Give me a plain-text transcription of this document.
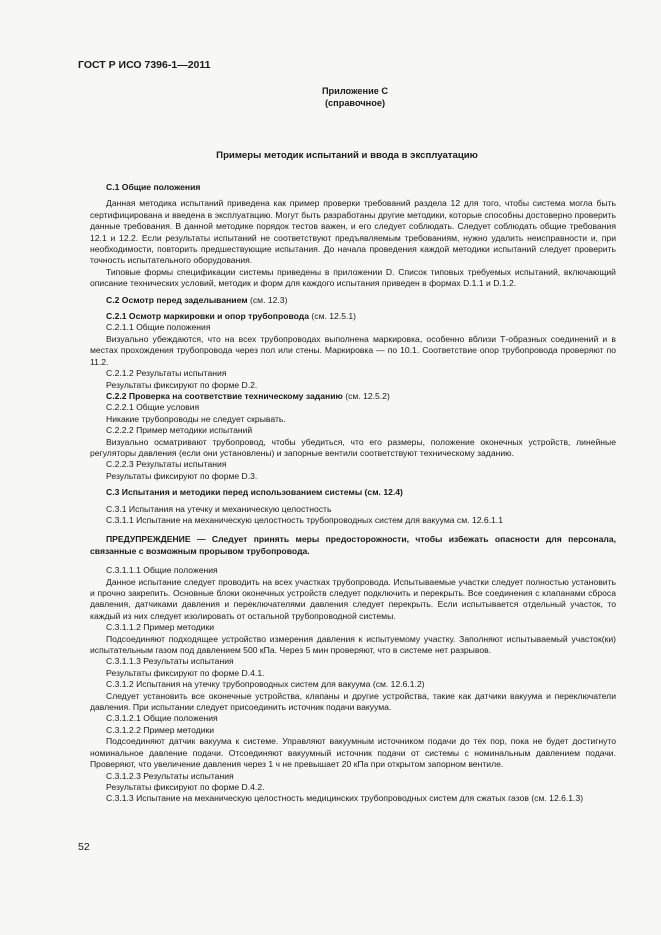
ГОСТ Р ИСО 7396-1—2011
Приложение С
(справочное)
Примеры методик испытаний и ввода в эксплуатацию

С.1 Общие положения

Данная методика испытаний приведена как пример проверки требований раздела 12 для того, чтобы система могла быть сертифицирована и введена в эксплуатацию. Могут быть разработаны другие методики, которые способны достоверно проверить данные требования. В данной методике порядок тестов важен, и его следует соблюдать. Следует соблюдать общие требования 12.1 и 12.2. Если результаты испытаний не соответствуют предъявляемым требованиям, нужно удалить неисправности и, при необходимости, повторить предшествующие испытания. До начала проведения каждой методики испытаний следует проверить точность испытательного оборудования.

Типовые формы спецификации системы приведены в приложении D. Список типовых требуемых испытаний, включающий описание технических условий, методик и форм для каждого испытания приведен в формах D.1.1 и D.1.2.

С.2 Осмотр перед заделыванием (см. 12.3)

С.2.1 Осмотр маркировки и опор трубопровода (см. 12.5.1)

С.2.1.1 Общие положения

Визуально убеждаются, что на всех трубопроводах выполнена маркировка, особенно вблизи Т-образных соединений и в местах прохождения трубопровода через пол или стены. Маркировка — по 10.1. Соответствие опор трубопровода проверяют по 11.2.

С.2.1.2 Результаты испытания

Результаты фиксируют по форме D.2.

С.2.2 Проверка на соответствие техническому заданию (см. 12.5.2)

С.2.2.1 Общие условия

Никакие трубопроводы не следует скрывать.

С.2.2.2 Пример методики испытаний

Визуально осматривают трубопровод, чтобы убедиться, что его размеры, положение оконечных устройств, линейные регуляторы давления (если они установлены) и запорные вентили соответствуют техническому заданию.

С.2.2.3 Результаты испытания

Результаты фиксируют по форме D.3.

С.3 Испытания и методики перед использованием системы (см. 12.4)

С.3.1 Испытания на утечку и механическую целостность

С.3.1.1 Испытание на механическую целостность трубопроводных систем для вакуума см. 12.6.1.1

ПРЕДУПРЕЖДЕНИЕ — Следует принять меры предосторожности, чтобы избежать опасности для персонала, связанные с возможным прорывом трубопровода.

С.3.1.1.1 Общие положения

Данное испытание следует проводить на всех участках трубопровода. Испытываемые участки следует полностью установить и прочно закрепить. Основные блоки оконечных устройств следует подключить и перекрыть. Все соединения с клапанами сброса давления, датчиками давления и переключателями давления следует перекрыть. Если испытывается отдельный участок, то каждый из них следует изолировать от остальной трубопроводной системы.

С.3.1.1.2 Пример методики

Подсоединяют подходящее устройство измерения давления к испытуемому участку. Заполняют испытываемый участок(ки) испытательным газом под давлением 500 кПа. Через 5 мин проверяют, что в системе нет разрывов.

С.3.1.1.3 Результаты испытания

Результаты фиксируют по форме D.4.1.

С.3.1.2 Испытания на утечку трубопроводных систем для вакуума (см. 12.6.1.2)

Следует установить все оконечные устройства, клапаны и другие устройства, такие как датчики вакуума и переключатели давления. При испытании следует присоединить источник подачи вакуума.

С.3.1.2.1 Общие положения

С.3.1.2.2 Пример методики

Подсоединяют датчик вакуума к системе. Управляют вакуумным источником подачи до тех пор, пока не будет достигнуто номинальное давление подачи. Отсоединяют вакуумный источник подачи от системы с номинальным давлением подачи. Проверяют, что увеличение давления через 1 ч не превышает 20 кПа при открытом запорном вентиле.

С.3.1.2.3 Результаты испытания

Результаты фиксируют по форме D.4.2.

С.3.1.3 Испытание на механическую целостность медицинских трубопроводных систем для сжатых газов (см. 12.6.1.3)

52
